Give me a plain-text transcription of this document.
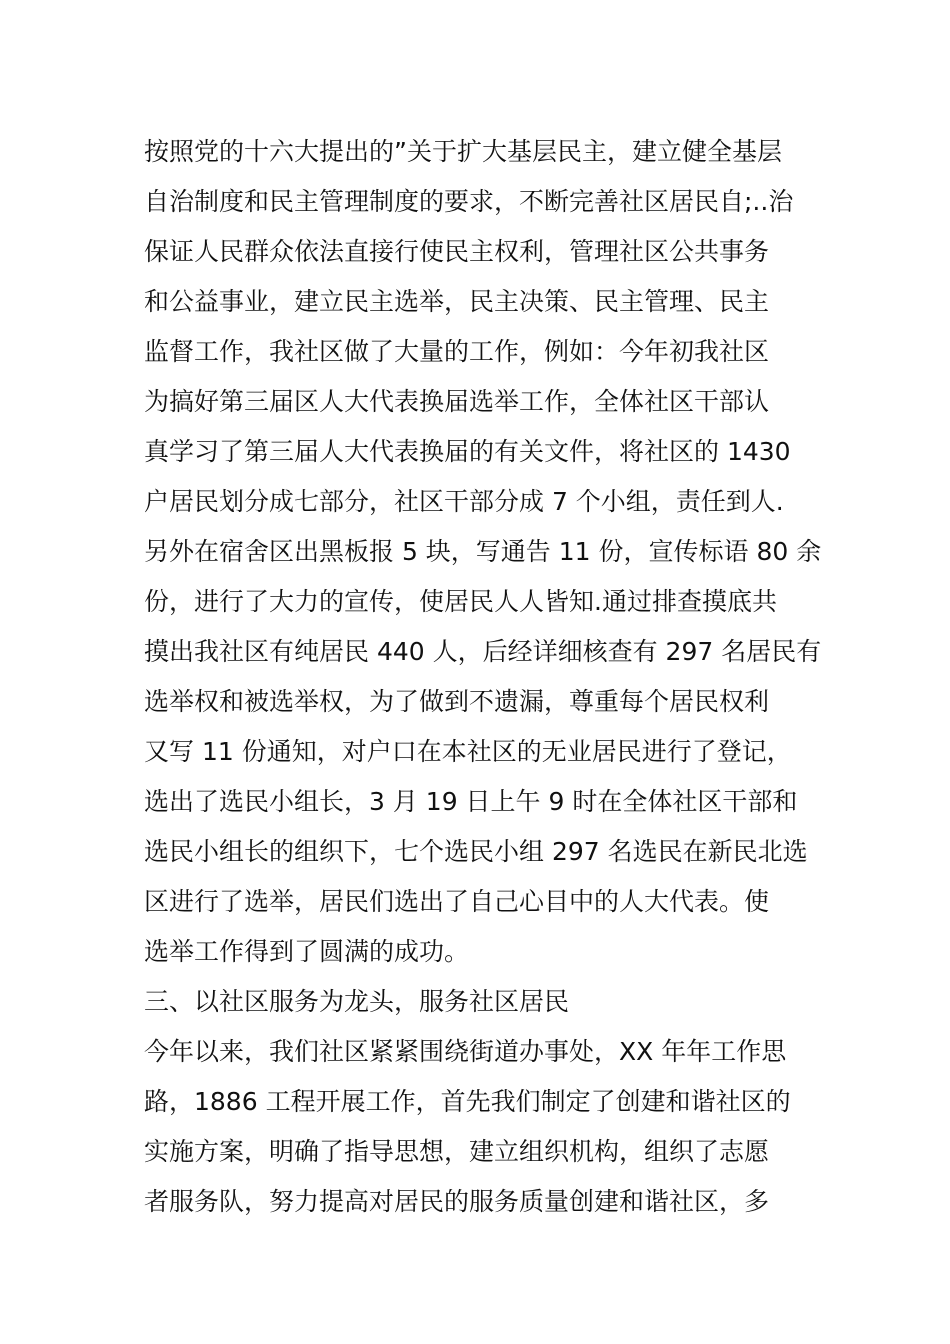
按照党的十六大提出的”关于扩大基层民主，建立健全基层
自治制度和民主管理制度的要求，不断完善社区居民自;..治
保证人民群众依法直接行使民主权利，管理社区公共事务
和公益事业，建立民主选举，民主决策、民主管理、民主
监督工作，我社区做了大量的工作，例如：今年初我社区
为搞好第三届区人大代表换届选举工作，全体社区干部认
真学习了第三届人大代表换届的有关文件，将社区的 1430
户居民划分成七部分，社区干部分成 7 个小组，责任到人.
另外在宿舍区出黑板报 5 块，写通告 11 份，宣传标语 80 余
份，进行了大力的宣传，使居民人人皆知.通过排查摸底共
摸出我社区有纯居民 440 人，后经详细核查有 297 名居民有
选举权和被选举权，为了做到不遗漏，尊重每个居民权利
又写 11 份通知，对户口在本社区的无业居民进行了登记，
选出了选民小组长，3 月 19 日上午 9 时在全体社区干部和
选民小组长的组织下，七个选民小组 297 名选民在新民北选
区进行了选举，居民们选出了自己心目中的人大代表。使
选举工作得到了圆满的成功。
三、以社区服务为龙头，服务社区居民
今年以来，我们社区紧紧围绕街道办事处，XX 年年工作思
路，1886 工程开展工作，首先我们制定了创建和谐社区的
实施方案，明确了指导思想，建立组织机构，组织了志愿
者服务队，努力提高对居民的服务质量创建和谐社区，多
